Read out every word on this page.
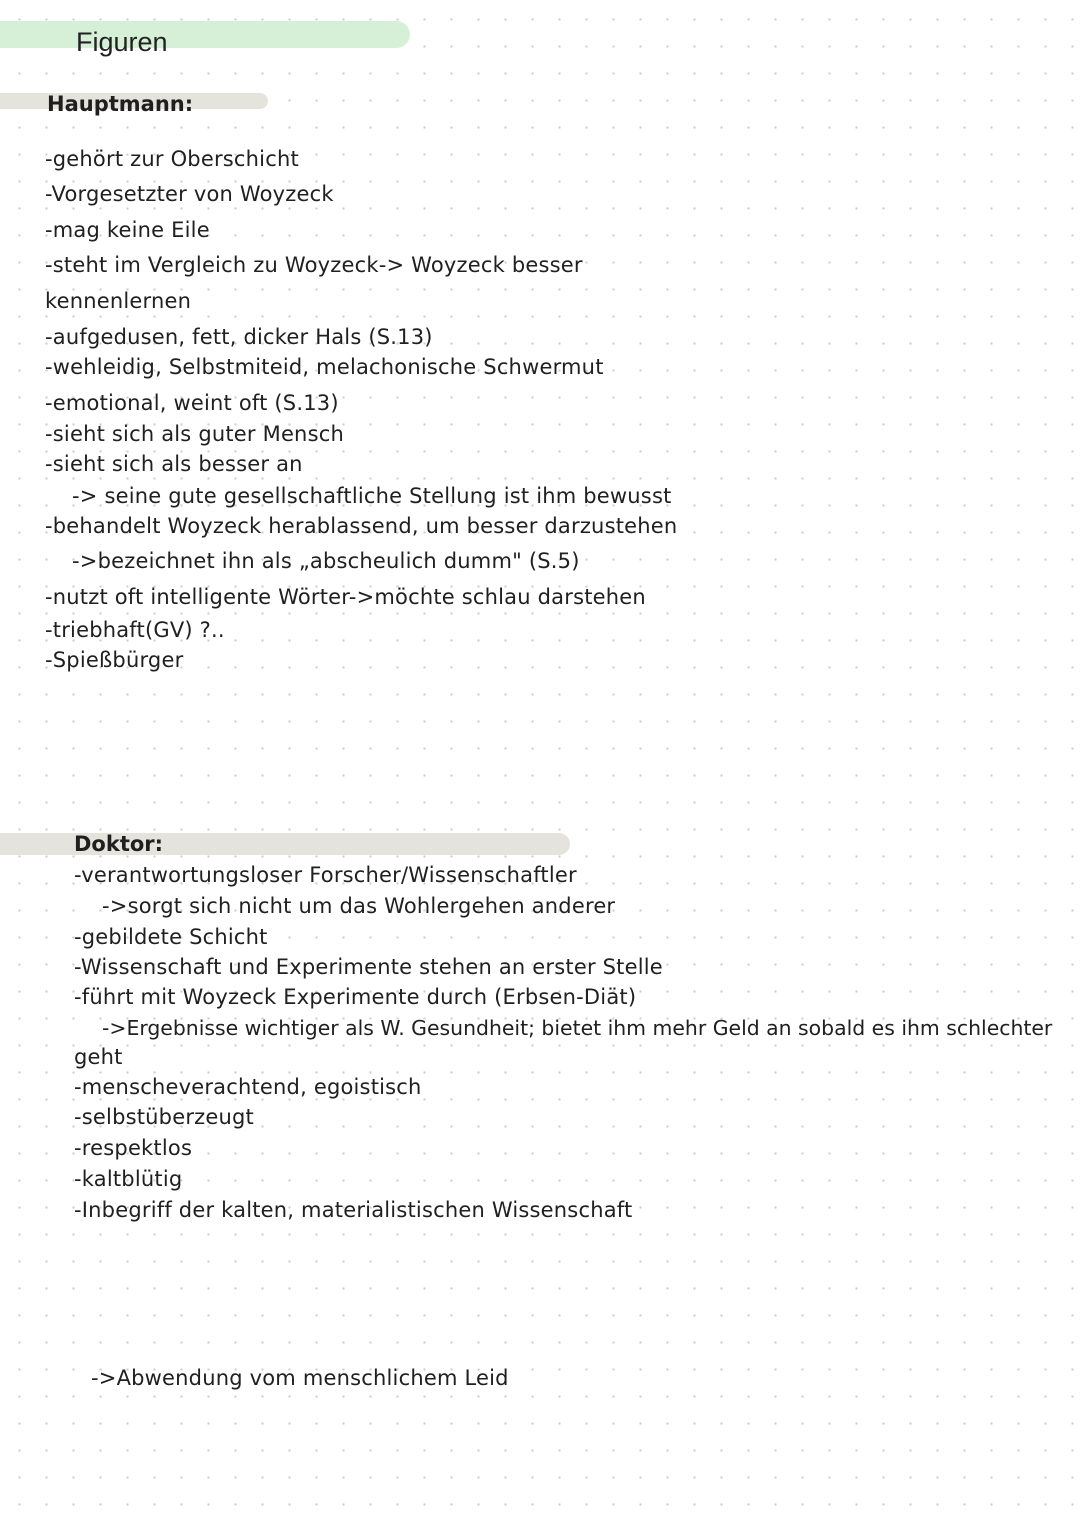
Figuren
Hauptmann:
-gehört zur Oberschicht
-Vorgesetzter von Woyzeck
-mag keine Eile
-steht im Vergleich zu Woyzeck-> Woyzeck besser
kennenlernen
-aufgedusen, fett, dicker Hals (S.13)
-wehleidig, Selbstmiteid, melachonische Schwermut
-emotional, weint oft (S.13)
-sieht sich als guter Mensch
-sieht sich als besser an
-> seine gute gesellschaftliche Stellung ist ihm bewusst
-behandelt Woyzeck herablassend, um besser darzustehen
->bezeichnet ihn als „abscheulich dumm" (S.5)
-nutzt oft intelligente Wörter->möchte schlau darstehen
-triebhaft(GV) ?..
-Spießbürger
Doktor:
-verantwortungsloser Forscher/Wissenschaftler
->sorgt sich nicht um das Wohlergehen anderer
-gebildete Schicht
-Wissenschaft und Experimente stehen an erster Stelle
-führt mit Woyzeck Experimente durch (Erbsen-Diät)
->Ergebnisse wichtiger als W. Gesundheit; bietet ihm mehr Geld an sobald es ihm schlechter
geht
-menscheverachtend, egoistisch
-selbstüberzeugt
-respektlos
-kaltblütig
-Inbegriff der kalten, materialistischen Wissenschaft
->Abwendung vom menschlichem Leid
